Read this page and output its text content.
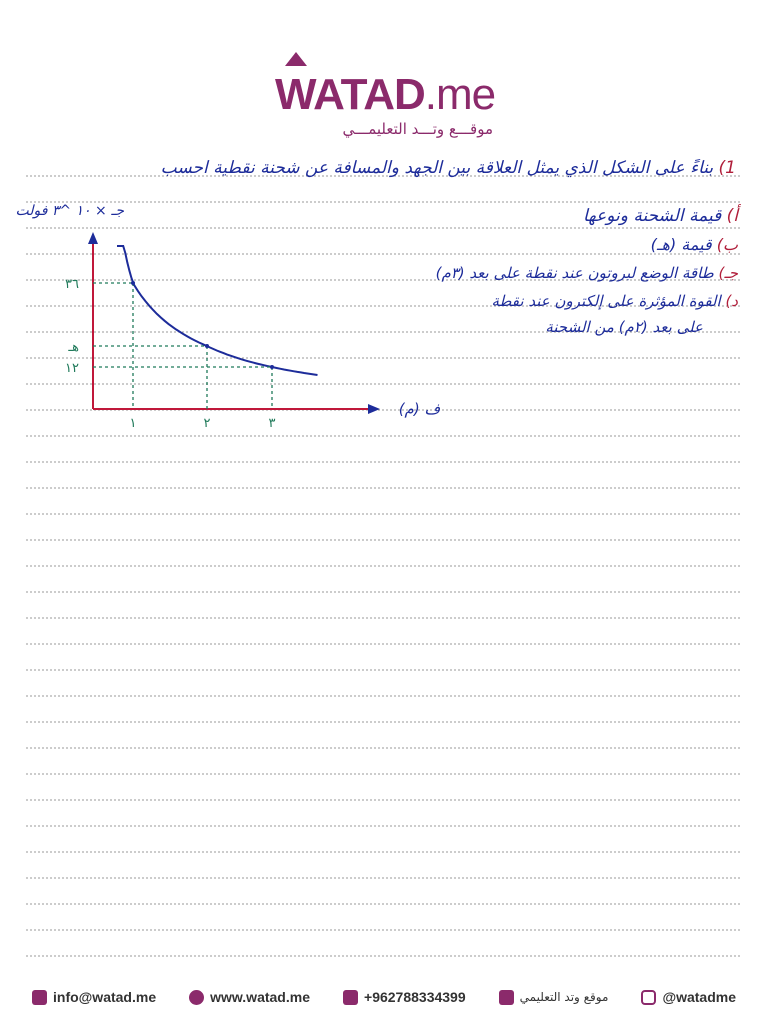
WATAD.me
موقـــع وتـــد التعليمـــي
1) بناءً على الشكل الذي يمثل العلاقة بين الجهد والمسافة عن شحنة نقطية احسب
أ) قيمة الشحنة ونوعها
ب) قيمة (هـ)
جـ) طاقة الوضع لبروتون عند نقطة على بعد (٣م)
د) القوة المؤثرة على إلكترون عند نقطة
على بعد (٢م) من الشحنة
٣٦
هـ
١٢
١	٢	٣
جـ × ١٠ ^٣ فولت
ف (م)
info@watad.me	www.watad.me	+962788334399	موقع وتد التعليمي	@watadme
